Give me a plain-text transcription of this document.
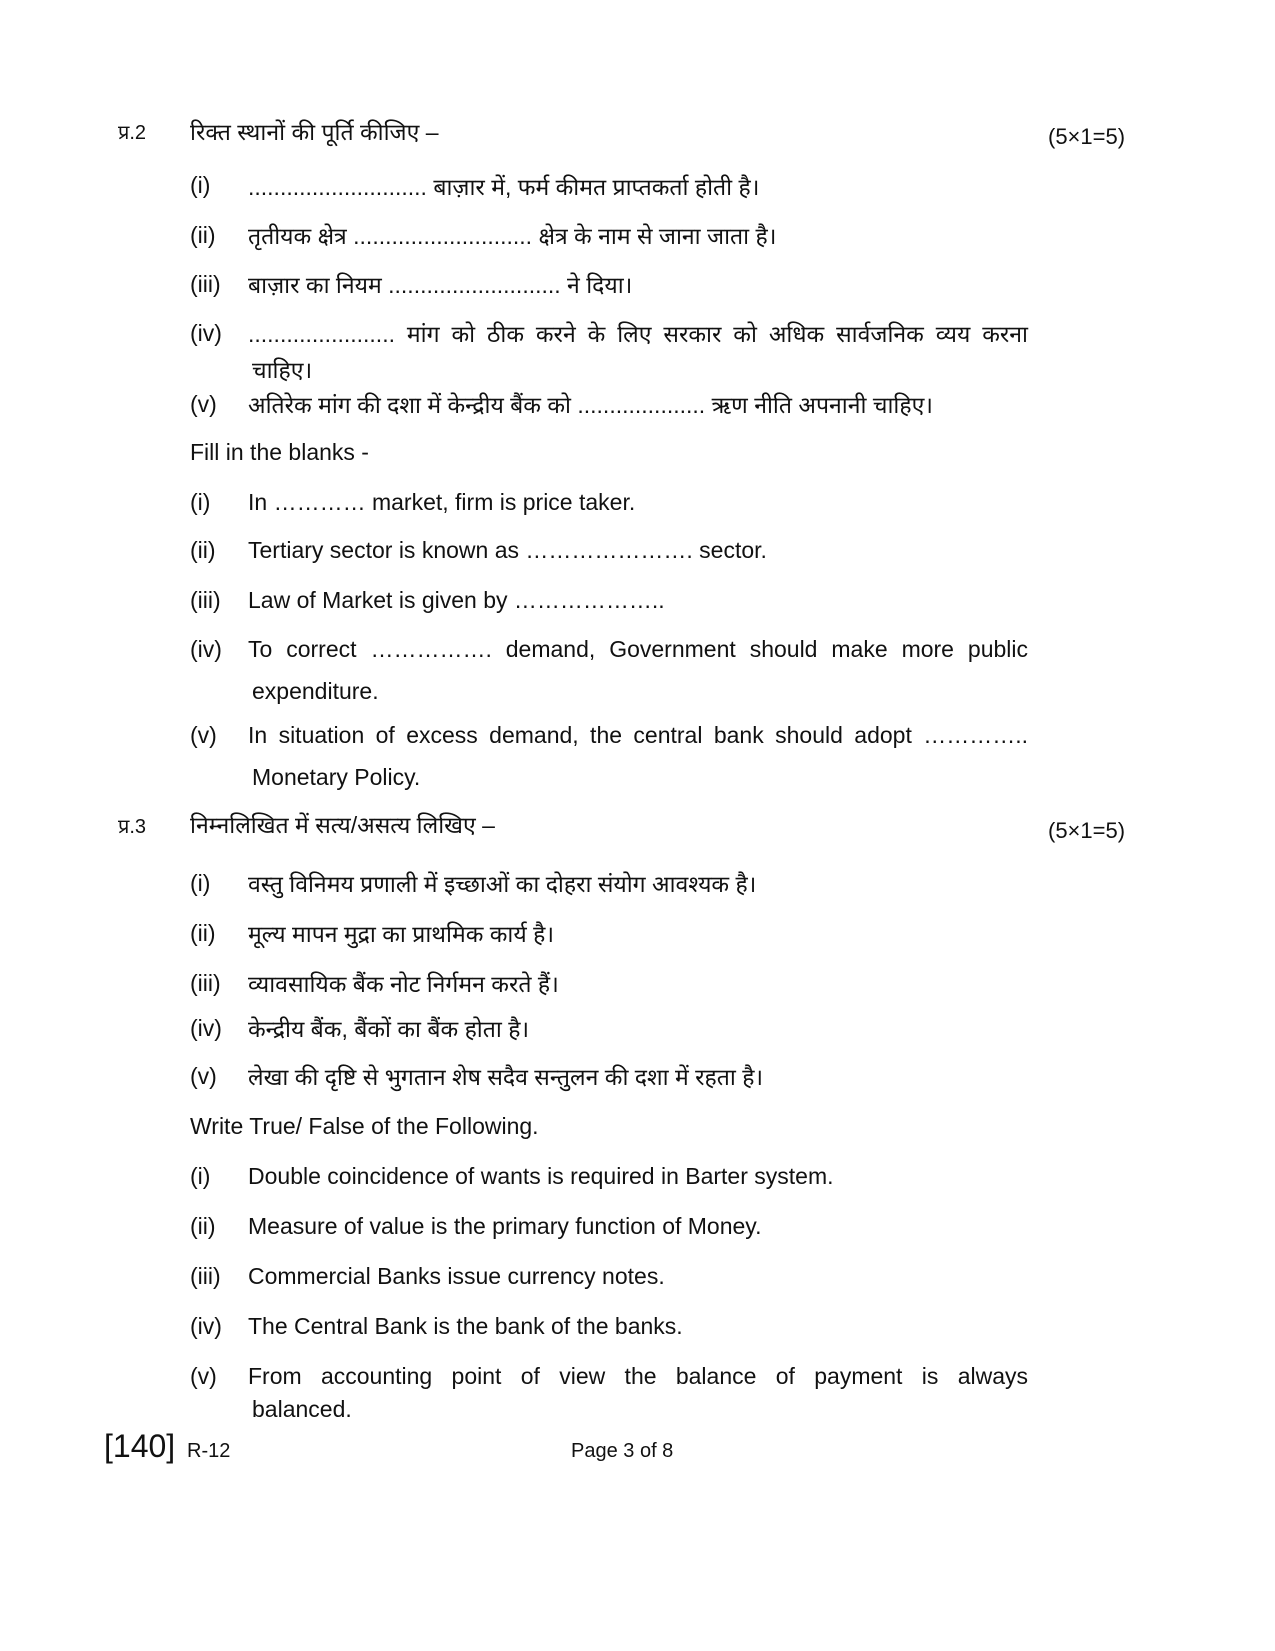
प्र.2 रिक्त स्थानों की पूर्ति कीजिए –	(5×1=5)
(i) ............................ बाज़ार में, फर्म कीमत प्राप्तकर्ता होती है।
(ii) तृतीयक क्षेत्र ............................ क्षेत्र के नाम से जाना जाता है।
(iii) बाज़ार का नियम ........................... ने दिया।
(iv) ....................... मांग को ठीक करने के लिए सरकार को अधिक सार्वजनिक व्यय करना
चाहिए।
(v) अतिरेक मांग की दशा में केन्द्रीय बैंक को .................... ऋण नीति अपनानी चाहिए।
Fill in the blanks -
(i) In ………… market, firm is price taker.
(ii) Tertiary sector is known as …………………. sector.
(iii) Law of Market is given by ………………..
(iv) To correct ……………. demand, Government should make more public
expenditure.
(v) In situation of excess demand, the central bank should adopt …………..
Monetary Policy.
प्र.3 निम्नलिखित में सत्य/असत्य लिखिए –	(5×1=5)
(i) वस्तु विनिमय प्रणाली में इच्छाओं का दोहरा संयोग आवश्यक है।
(ii) मूल्य मापन मुद्रा का प्राथमिक कार्य है।
(iii) व्यावसायिक बैंक नोट निर्गमन करते हैं।
(iv) केन्द्रीय बैंक, बैंकों का बैंक होता है।
(v) लेखा की दृष्टि से भुगतान शेष सदैव सन्तुलन की दशा में रहता है।
Write True/ False of the Following.
(i) Double coincidence of wants is required in Barter system.
(ii) Measure of value is the primary function of Money.
(iii) Commercial Banks issue currency notes.
(iv) The Central Bank is the bank of the banks.
(v) From accounting point of view the balance of payment is always
balanced.
[140] R-12	Page 3 of 8
